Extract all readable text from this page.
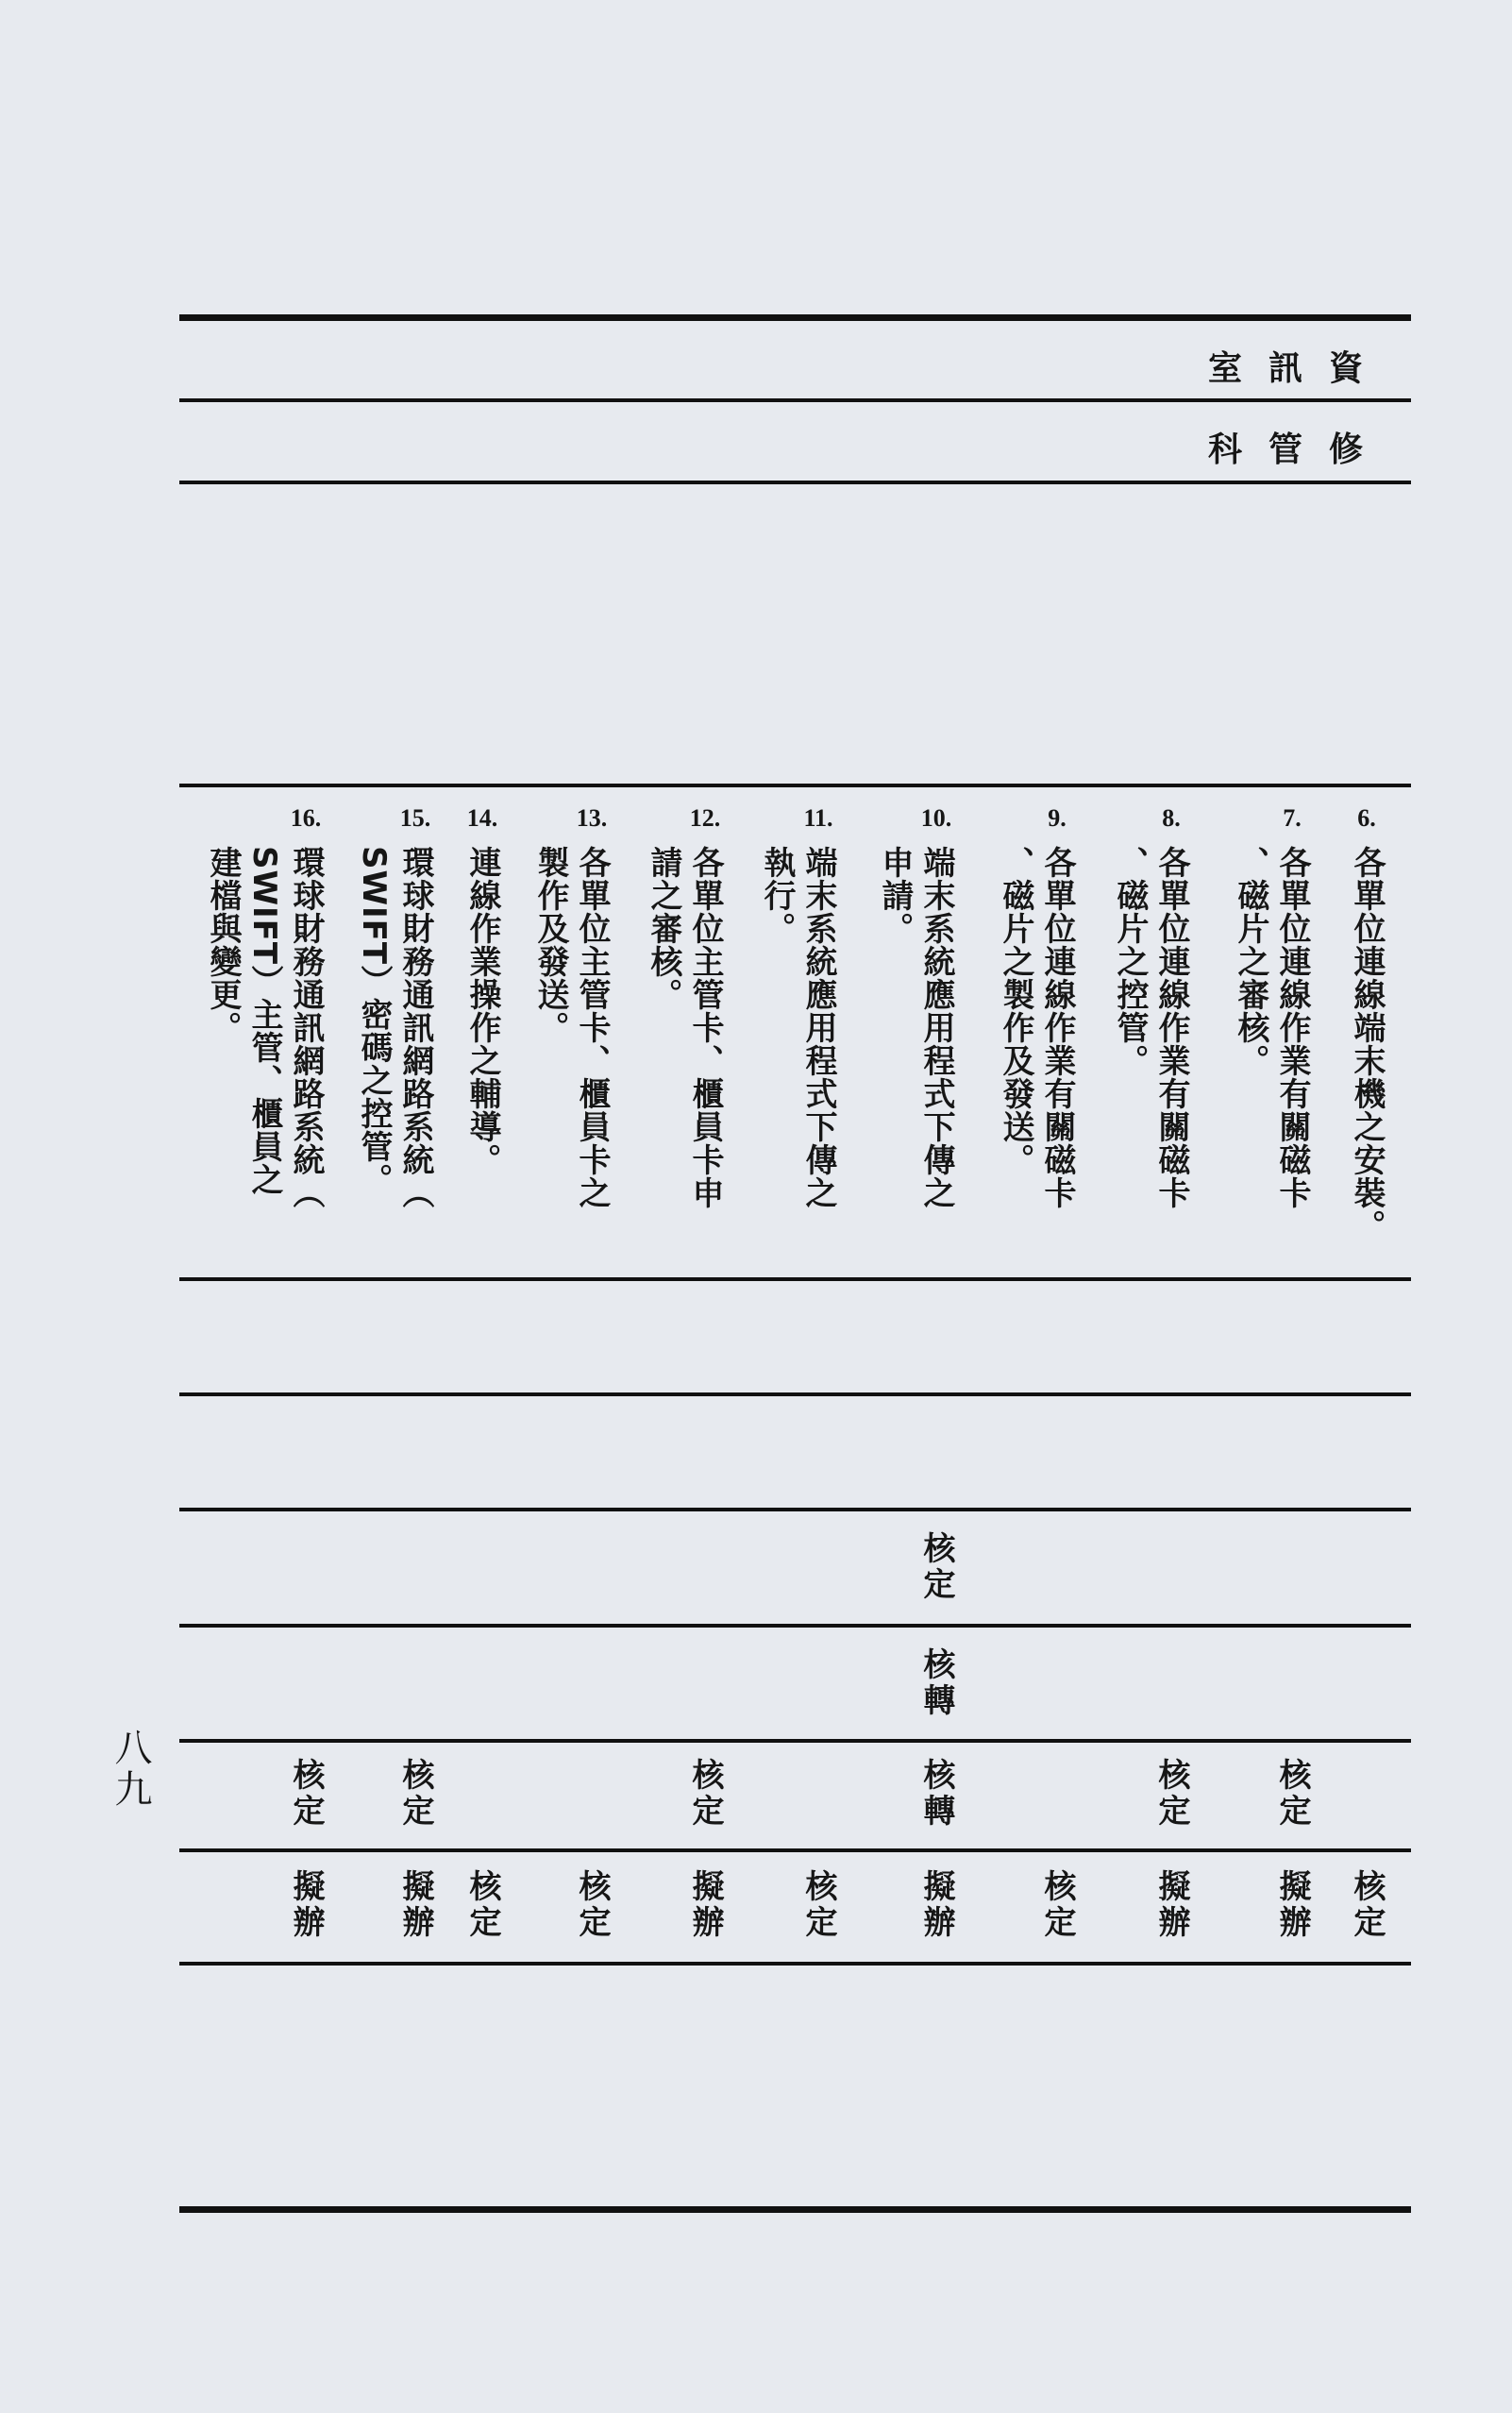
資訊室
修管科
6.
各單位連線端末機之安裝。
7.
各單位連線作業有關磁卡
、磁片之審核。
8.
各單位連線作業有關磁卡
、磁片之控管。
9.
各單位連線作業有關磁卡
、磁片之製作及發送。
10.
端末系統應用程式下傳之
申請。
11.
端末系統應用程式下傳之
執行。
12.
各單位主管卡、櫃員卡申
請之審核。
13.
各單位主管卡、櫃員卡之
製作及發送。
14.
連線作業操作之輔導。
15.
環球財務通訊網路系統（
SWIFT）密碼之控管。
16.
環球財務通訊網路系統（
SWIFT）主管、櫃員之
建檔與變更。
核定
核轉
核定
核定
核轉
核定
核定
核定
核定
擬辦
擬辦
核定
擬辦
核定
擬辦
核定
核定
擬辦
擬辦
八九
